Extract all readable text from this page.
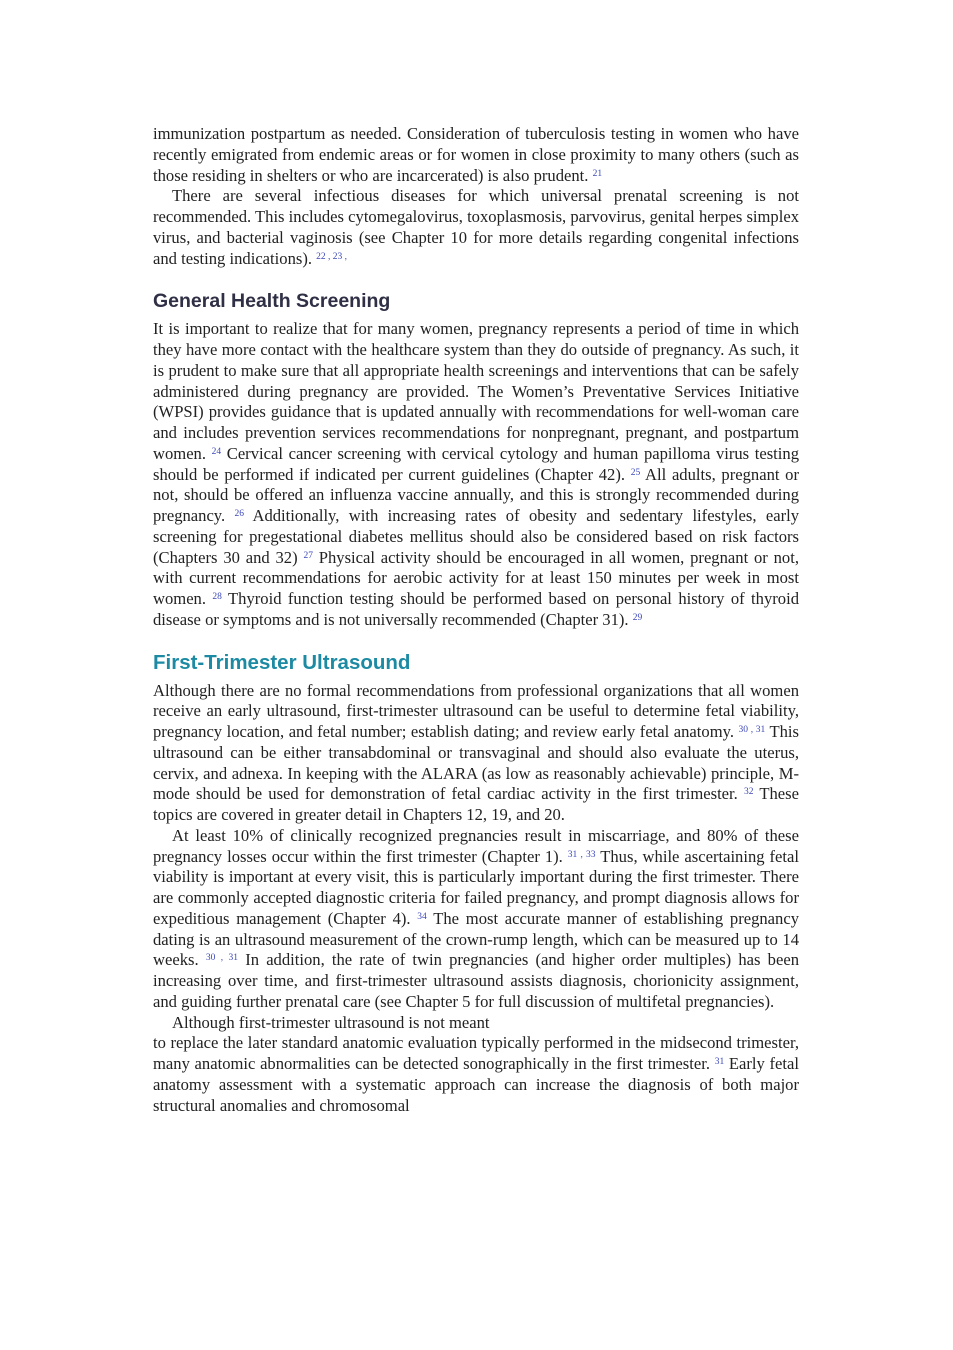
immunization postpartum as needed. Consideration of tuberculosis testing in women who have recently emigrated from endemic areas or for women in close proximity to many others (such as those residing in shelters or who are incarcerated) is also prudent. $^{21}$

There are several infectious diseases for which universal prenatal screening is not recommended. This includes cytomegalovirus, toxoplasmosis, parvovirus, genital herpes simplex virus, and bacterial vaginosis (see Chapter 10 for more details regarding congenital infections and testing indications). $^{22 , 23 ,}$

General Health Screening

It is important to realize that for many women, pregnancy represents a period of time in which they have more contact with the healthcare system than they do outside of pregnancy. As such, it is prudent to make sure that all appropriate health screenings and interventions that can be safely administered during pregnancy are provided. The Women’s Preventative Services Initiative (WPSI) provides guidance that is updated annually with recommendations for well-woman care and includes prevention services recommendations for nonpregnant, pregnant, and postpartum women. $^{24}$ Cervical cancer screening with cervical cytology and human papilloma virus testing should be performed if indicated per current guidelines (Chapter 42). $^{25}$ All adults, pregnant or not, should be offered an influenza vaccine annually, and this is strongly recommended during pregnancy. $^{26}$ Additionally, with increasing rates of obesity and sedentary lifestyles, early screening for pregestational diabetes mellitus should also be considered based on risk factors (Chapters 30 and 32) $^{27}$ Physical activity should be encouraged in all women, pregnant or not, with current recommendations for aerobic activity for at least 150 minutes per week in most women. $^{28}$ Thyroid function testing should be performed based on personal history of thyroid disease or symptoms and is not universally recommended (Chapter 31). $^{29}$

First-Trimester Ultrasound

Although there are no formal recommendations from professional organizations that all women receive an early ultrasound, first-trimester ultrasound can be useful to determine fetal viability, pregnancy location, and fetal number; establish dating; and review early fetal anatomy. $^{30 , 31}$ This ultrasound can be either transabdominal or transvaginal and should also evaluate the uterus, cervix, and adnexa. In keeping with the ALARA (as low as reasonably achievable) principle, M-mode should be used for demonstration of fetal cardiac activity in the first trimester. $^{32}$ These topics are covered in greater detail in Chapters 12, 19, and 20.

At least 10% of clinically recognized pregnancies result in miscarriage, and 80% of these pregnancy losses occur within the first trimester (Chapter 1). $^{31 , 33}$ Thus, while ascertaining fetal viability is important at every visit, this is particularly important during the first trimester. There are commonly accepted diagnostic criteria for failed pregnancy, and prompt diagnosis allows for expeditious management (Chapter 4). $^{34}$ The most accurate manner of establishing pregnancy dating is an ultrasound measurement of the crown-rump length, which can be measured up to 14 weeks. $^{30 , 31}$ In addition, the rate of twin pregnancies (and higher order multiples) has been increasing over time, and first-trimester ultrasound assists diagnosis, chorionicity assignment, and guiding further prenatal care (see Chapter 5 for full discussion of multifetal pregnancies).

Although first-trimester ultrasound is not meant

to replace the later standard anatomic evaluation typically performed in the midsecond trimester, many anatomic abnormalities can be detected sonographically in the first trimester. $^{31}$ Early fetal anatomy assessment with a systematic approach can increase the diagnosis of both major structural anomalies and chromosomal
